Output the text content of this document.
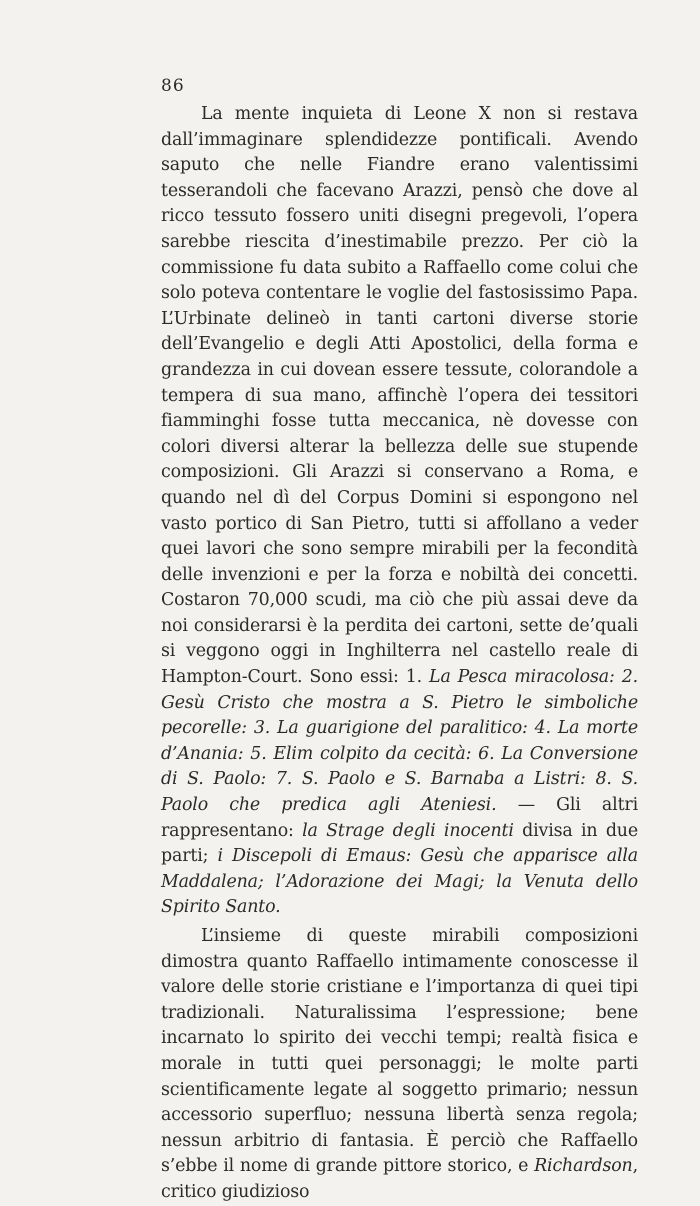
86

La mente inquieta di Leone X non si restava dall’immaginare splendidezze pontificali. Avendo saputo che nelle Fiandre erano valentissimi tesserandoli che facevano Arazzi, pensò che dove al ricco tessuto fossero uniti disegni pregevoli, l’opera sarebbe riescita d’inestimabile prezzo. Per ciò la commissione fu data subito a Raffaello come colui che solo poteva contentare le voglie del fastosissimo Papa. L’Urbinate delineò in tanti cartoni diverse storie dell’Evangelio e degli Atti Apostolici, della forma e grandezza in cui dovean essere tessute, colorandole a tempera di sua mano, affinchè l’opera dei tessitori fiamminghi fosse tutta meccanica, nè dovesse con colori diversi alterar la bellezza delle sue stupende composizioni. Gli Arazzi si conservano a Roma, e quando nel dì del Corpus Domini si espongono nel vasto portico di San Pietro, tutti si affollano a veder quei lavori che sono sempre mirabili per la fecondità delle invenzioni e per la forza e nobiltà dei concetti. Costaron 70,000 scudi, ma ciò che più assai deve da noi considerarsi è la perdita dei cartoni, sette de’quali si veggono oggi in Inghilterra nel castello reale di Hampton-Court. Sono essi: 1. La Pesca miracolosa: 2. Gesù Cristo che mostra a S. Pietro le simboliche pecorelle: 3. La guarigione del paralitico: 4. La morte d’Anania: 5. Elim colpito da cecità: 6. La Conversione di S. Paolo: 7. S. Paolo e S. Barnaba a Listri: 8. S. Paolo che predica agli Ateniesi. — Gli altri rappresentano: la Strage degli inocenti divisa in due parti; i Discepoli di Emaus: Gesù che apparisce alla Maddalena; l’Adorazione dei Magi; la Venuta dello Spirito Santo.

L’insieme di queste mirabili composizioni dimostra quanto Raffaello intimamente conoscesse il valore delle storie cristiane e l’importanza di quei tipi tradizionali. Naturalissima l’espressione; bene incarnato lo spirito dei vecchi tempi; realtà fisica e morale in tutti quei personaggi; le molte parti scientificamente legate al soggetto primario; nessun accessorio superfluo; nessuna libertà senza regola; nessun arbitrio di fantasia. È perciò che Raffaello s’ebbe il nome di grande pittore storico, e Richardson, critico giudizioso
